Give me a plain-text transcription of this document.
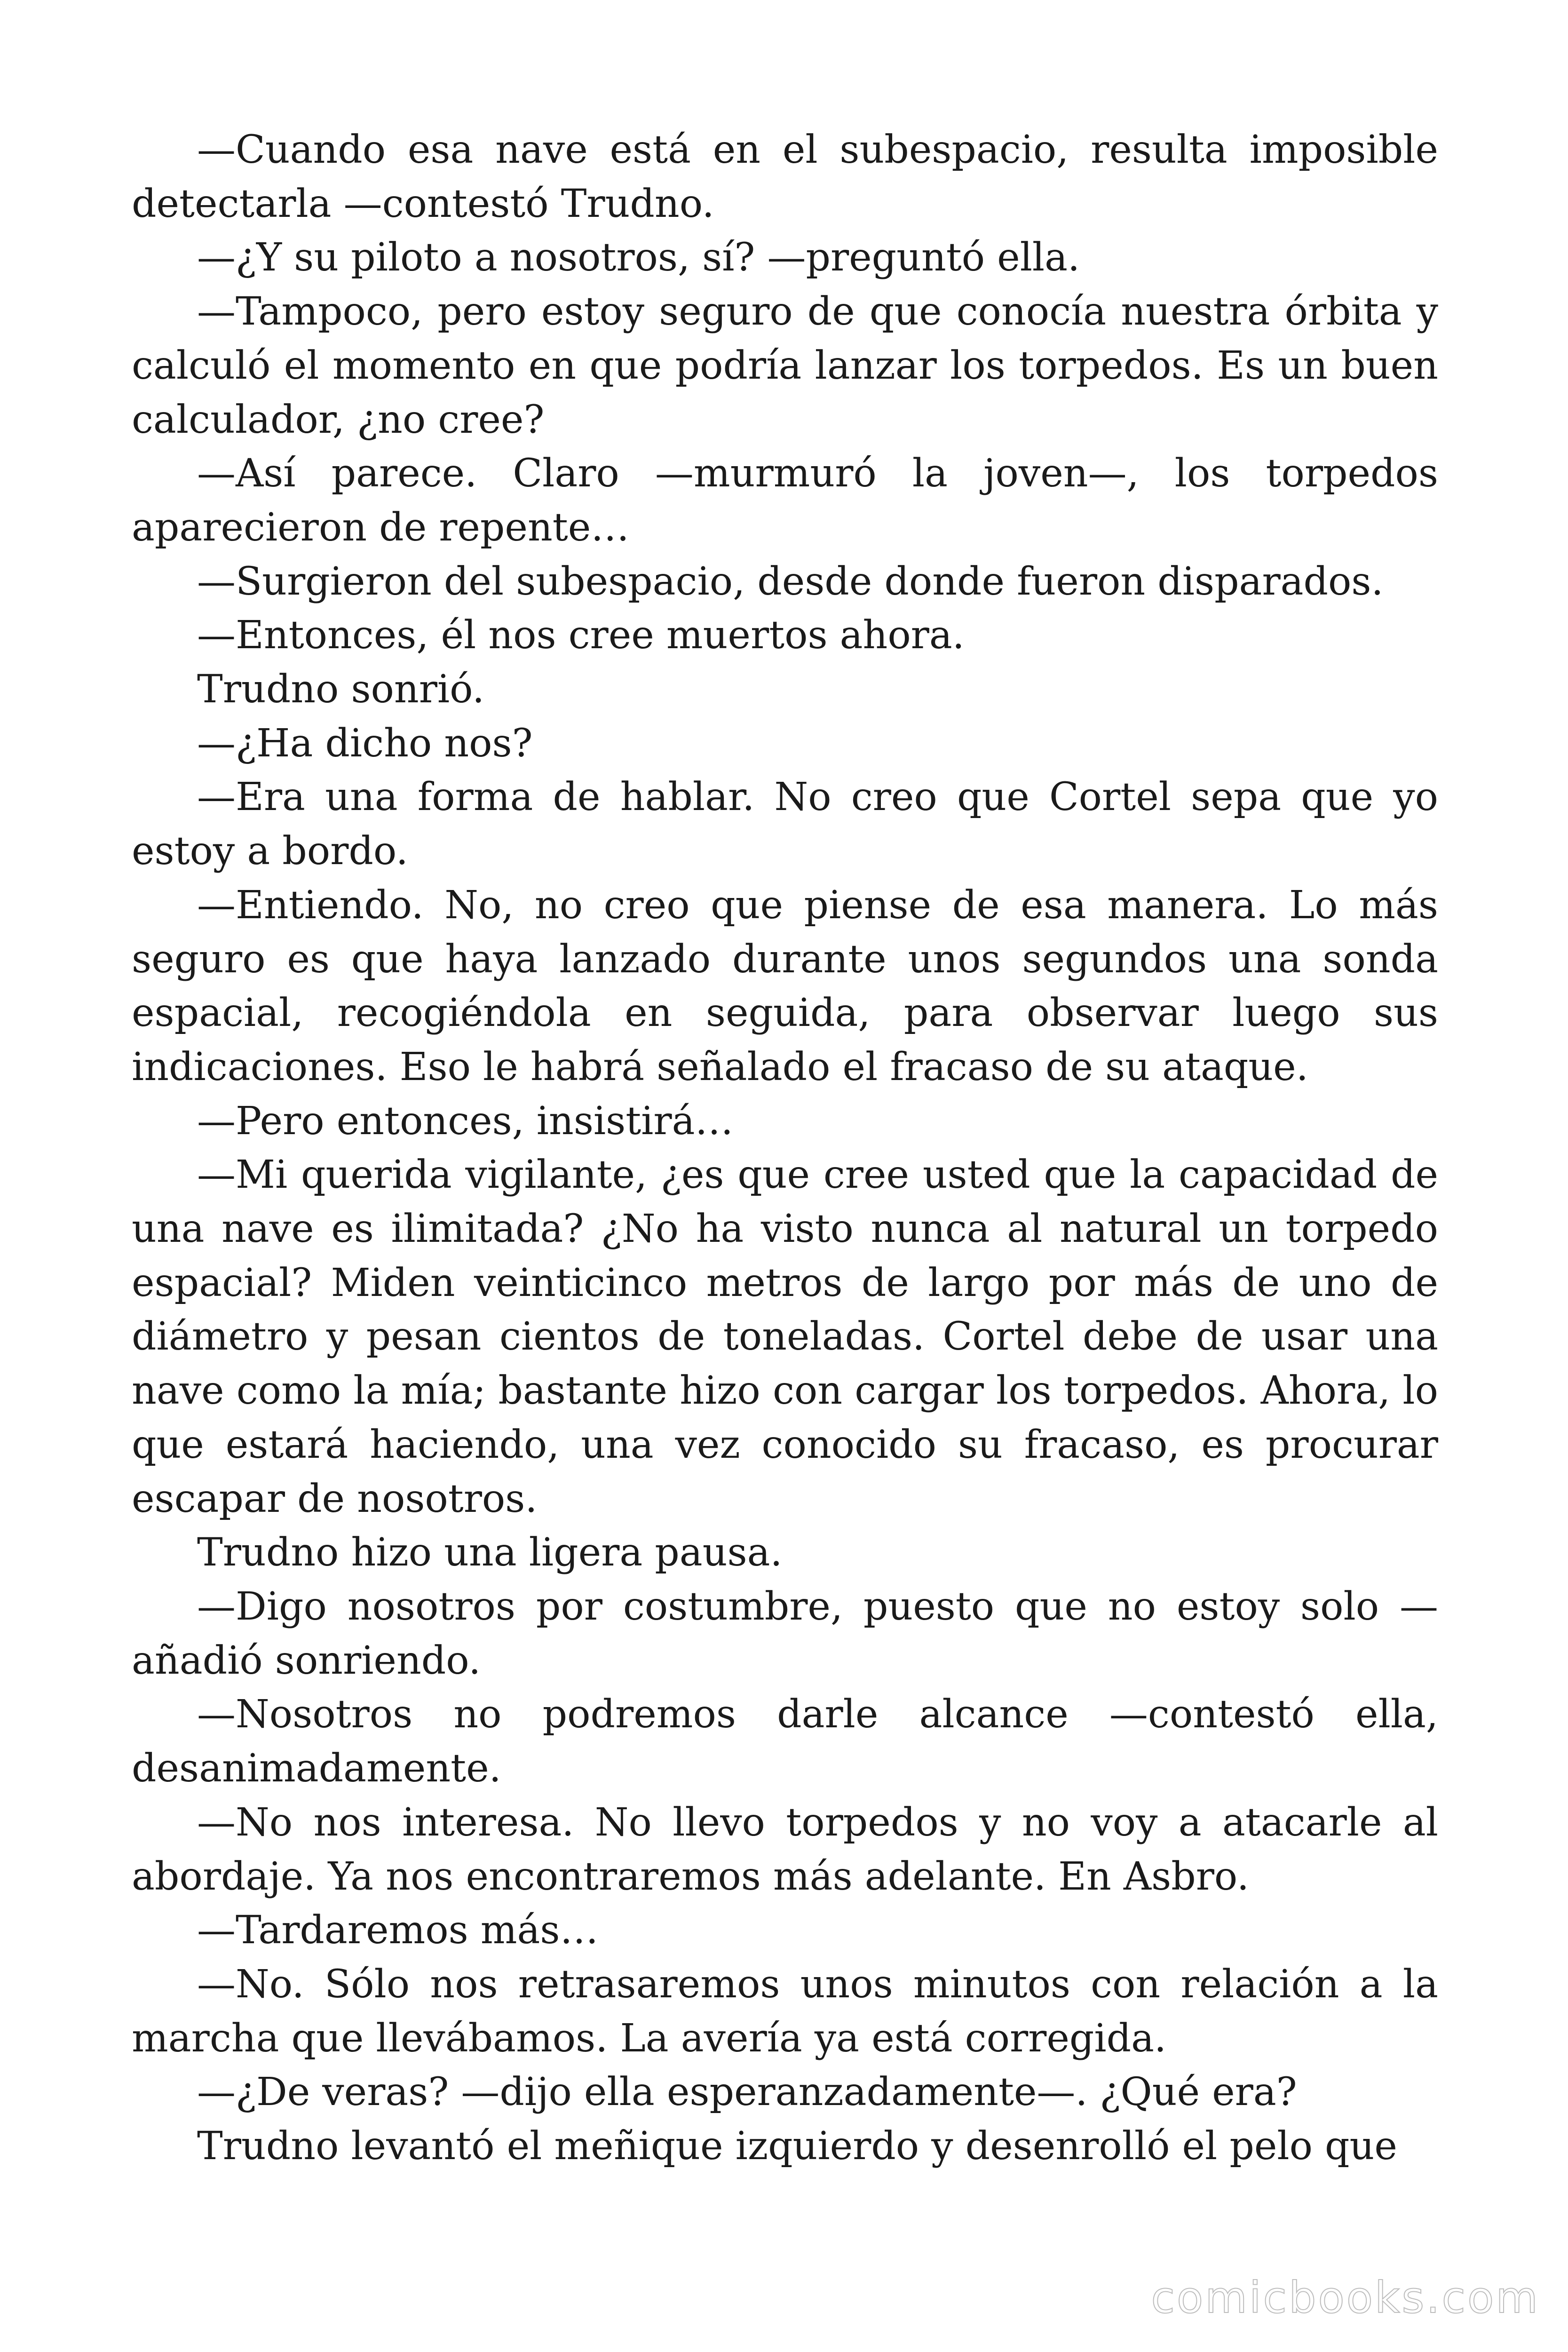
—Cuando esa nave está en el subespacio, resulta imposible detectarla —contestó Trudno.

—¿Y su piloto a nosotros, sí? —preguntó ella.

—Tampoco, pero estoy seguro de que conocía nuestra órbita y calculó el momento en que podría lanzar los torpedos. Es un buen calculador, ¿no cree?

—Así parece. Claro —murmuró la joven—, los torpedos aparecieron de repente…

—Surgieron del subespacio, desde donde fueron disparados.

—Entonces, él nos cree muertos ahora.

Trudno sonrió.

—¿Ha dicho nos?

—Era una forma de hablar. No creo que Cortel sepa que yo estoy a bordo.

—Entiendo. No, no creo que piense de esa manera. Lo más seguro es que haya lanzado durante unos segundos una sonda espacial, recogiéndola en seguida, para observar luego sus indicaciones. Eso le habrá señalado el fracaso de su ataque.

—Pero entonces, insistirá…

—Mi querida vigilante, ¿es que cree usted que la capacidad de una nave es ilimitada? ¿No ha visto nunca al natural un torpedo espacial? Miden veinticinco metros de largo por más de uno de diámetro y pesan cientos de toneladas. Cortel debe de usar una nave como la mía; bastante hizo con cargar los torpedos. Ahora, lo que estará haciendo, una vez conocido su fracaso, es procurar escapar de nosotros.

Trudno hizo una ligera pausa.

—Digo nosotros por costumbre, puesto que no estoy solo —añadió sonriendo.

—Nosotros no podremos darle alcance —contestó ella, desanimadamente.

—No nos interesa. No llevo torpedos y no voy a atacarle al abordaje. Ya nos encontraremos más adelante. En Asbro.

—Tardaremos más…

—No. Sólo nos retrasaremos unos minutos con relación a la marcha que llevábamos. La avería ya está corregida.

—¿De veras? —dijo ella esperanzadamente—. ¿Qué era?

Trudno levantó el meñique izquierdo y desenrolló el pelo que

comicbooks.com
